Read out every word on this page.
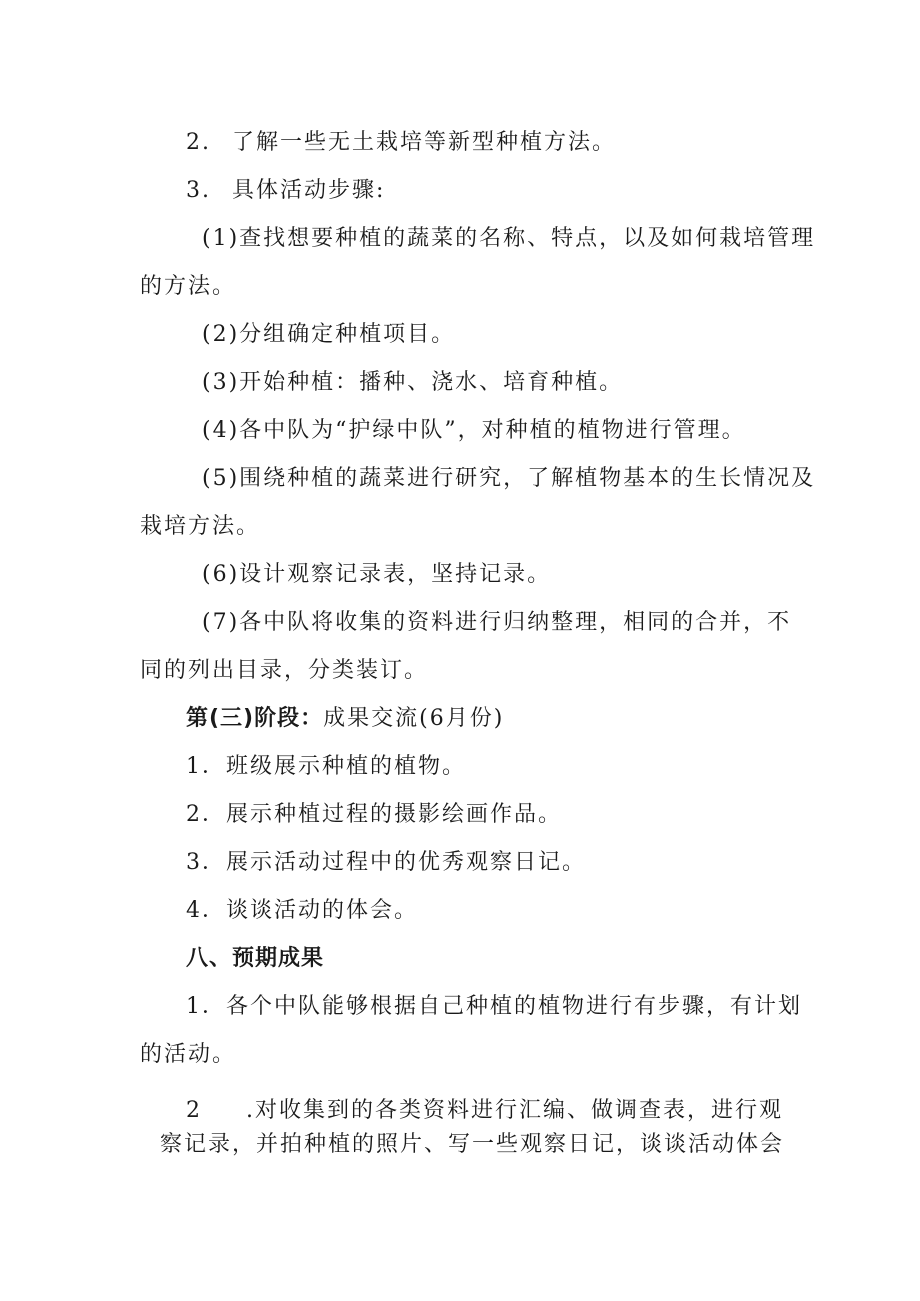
2. 了解一些无土栽培等新型种植方法。
3. 具体活动步骤:
(1)查找想要种植的蔬菜的名称、特点，以及如何栽培管理
的方法。
(2)分组确定种植项目。
(3)开始种植：播种、浇水、培育种植。
(4)各中队为“护绿中队”，对种植的植物进行管理。
(5)围绕种植的蔬菜进行研究，了解植物基本的生长情况及
栽培方法。
(6)设计观察记录表，坚持记录。
(7)各中队将收集的资料进行归纳整理，相同的合并，不
同的列出目录，分类装订。
第(三)阶段：成果交流(6月份)
1．班级展示种植的植物。
2．展示种植过程的摄影绘画作品。
3．展示活动过程中的优秀观察日记。
4．谈谈活动的体会。
八、预期成果
1．各个中队能够根据自己种植的植物进行有步骤，有计划
的活动。
2 .对收集到的各类资料进行汇编、做调查表，进行观
察记录，并拍种植的照片、写一些观察日记，谈谈活动体会
